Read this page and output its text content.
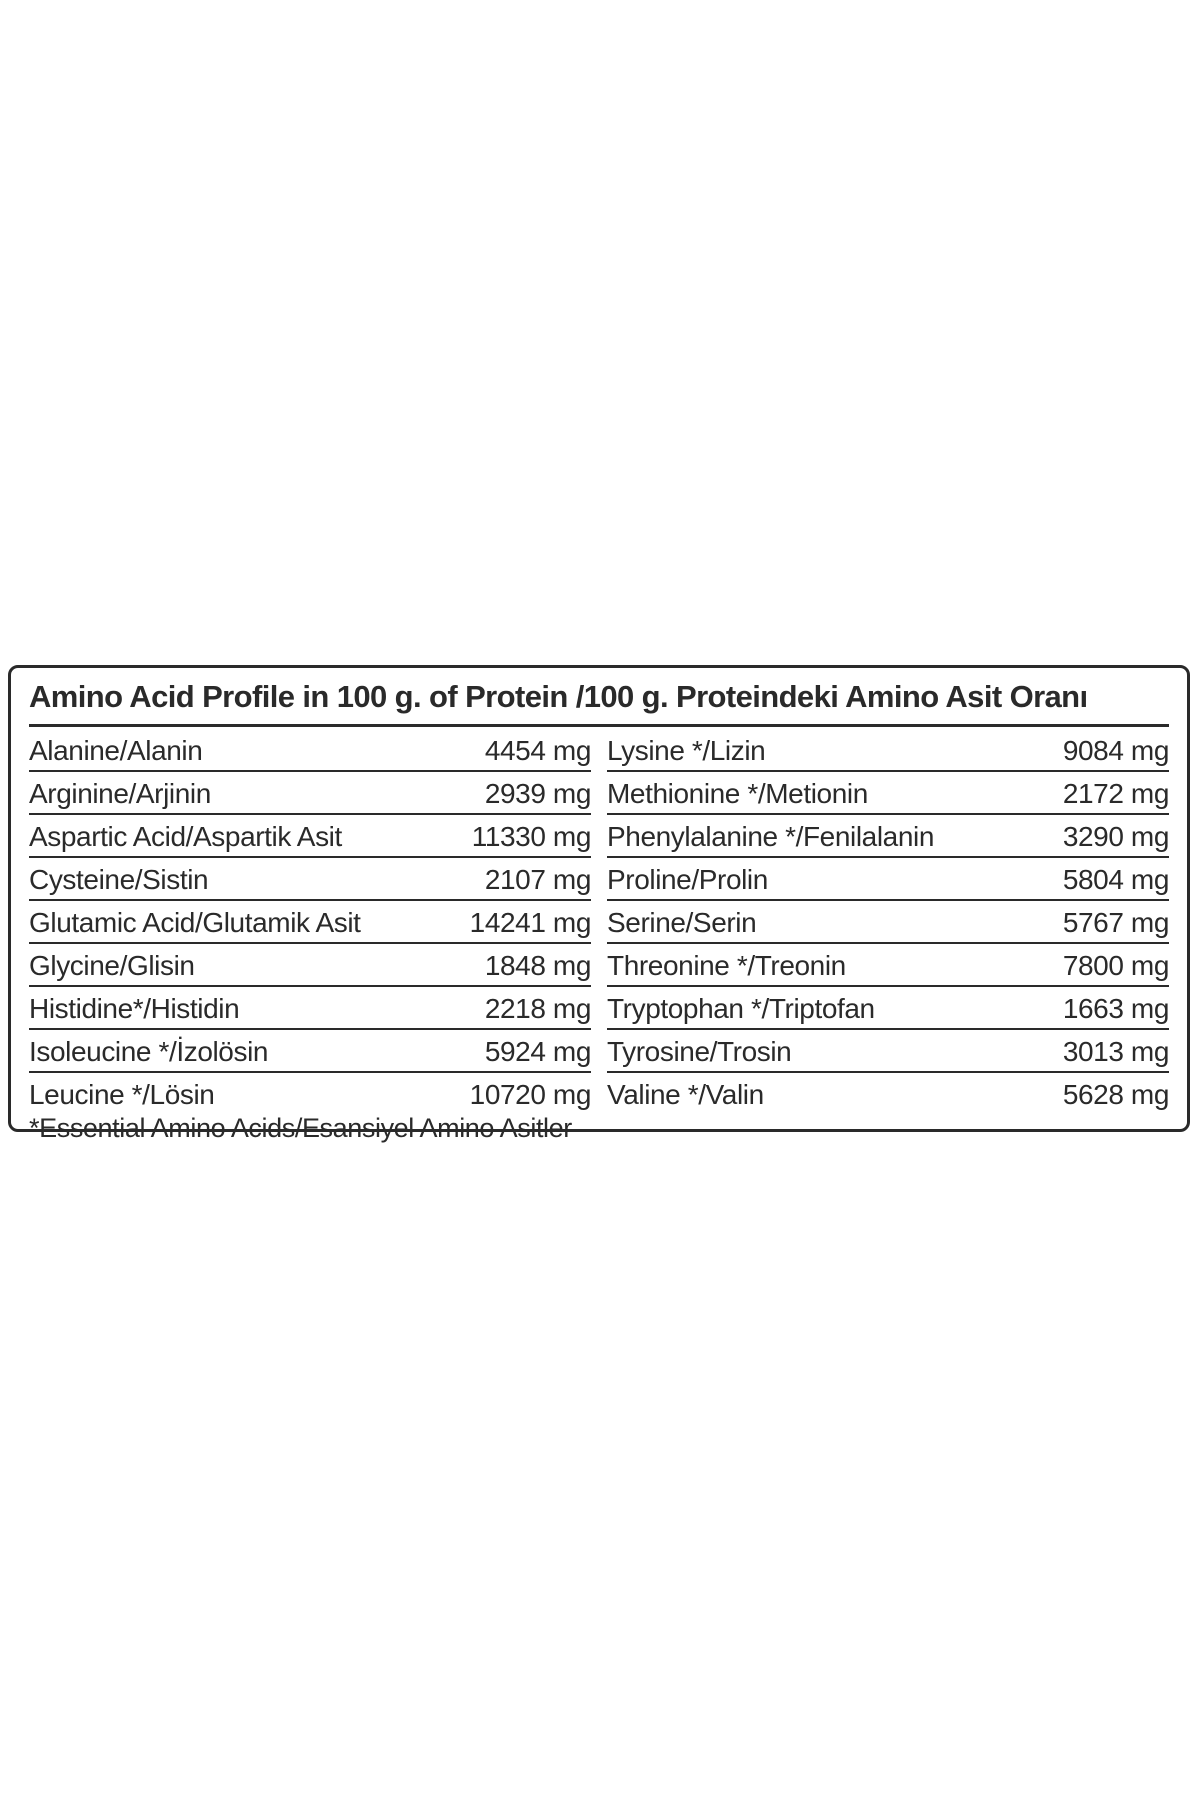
Amino Acid Profile in 100 g. of Protein /100 g. Proteindeki Amino Asit Oranı
Alanine/Alanin	4454 mg
Arginine/Arjinin	2939 mg
Aspartic Acid/Aspartik Asit	11330 mg
Cysteine/Sistin	2107 mg
Glutamic Acid/Glutamik Asit	14241 mg
Glycine/Glisin	1848 mg
Histidine*/Histidin	2218 mg
Isoleucine */İzolösin	5924 mg
Leucine */Lösin	10720 mg
Lysine */Lizin	9084 mg
Methionine */Metionin	2172 mg
Phenylalanine */Fenilalanin	3290 mg
Proline/Prolin	5804 mg
Serine/Serin	5767 mg
Threonine */Treonin	7800 mg
Tryptophan */Triptofan	1663 mg
Tyrosine/Trosin	3013 mg
Valine */Valin	5628 mg
*Essential Amino Acids/Esansiyel Amino Asitler
